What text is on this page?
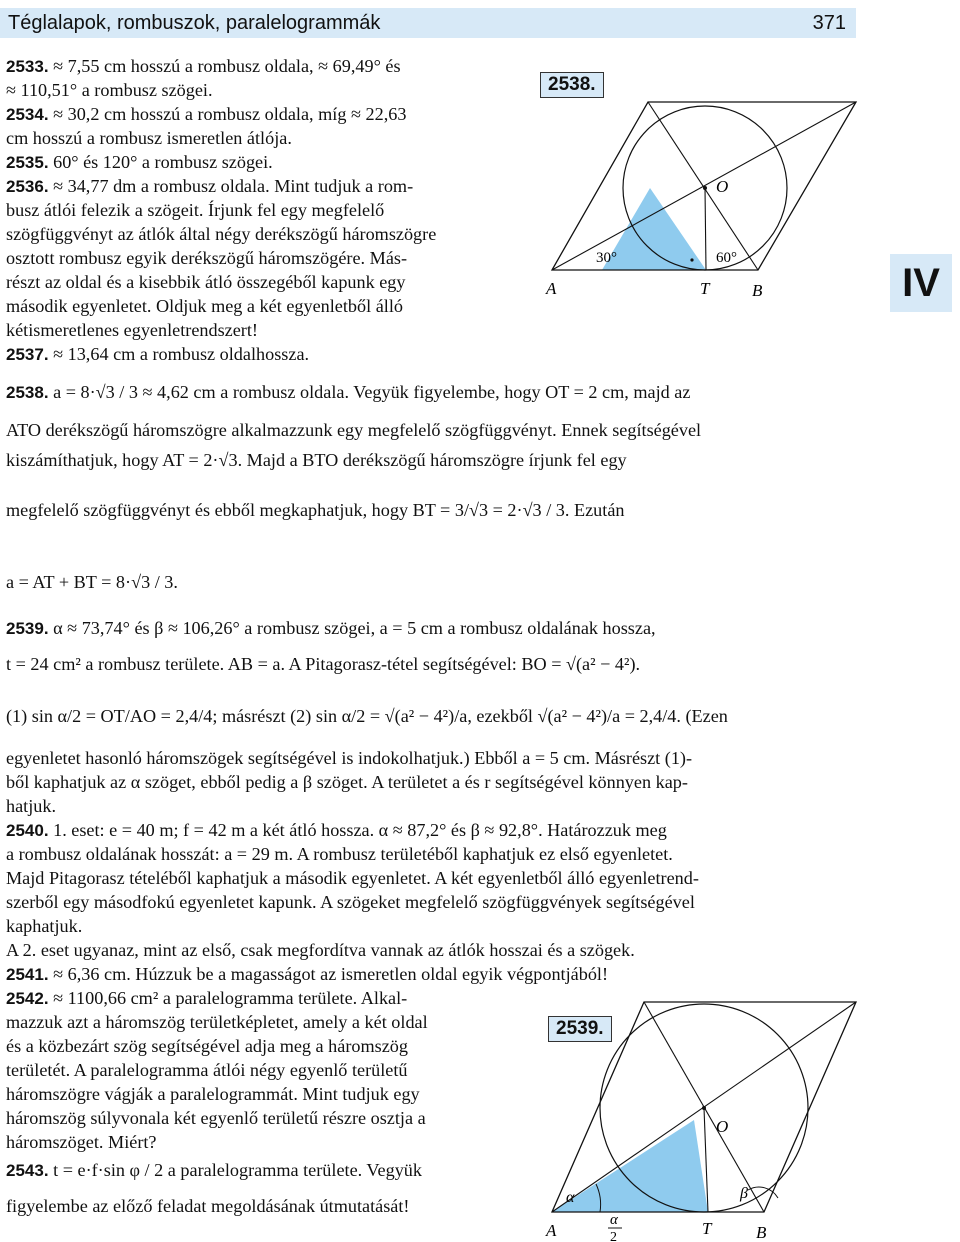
Téglalapok, rombuszok, paralelogrammák	371
IV
2533. ≈ 7,55 cm hosszú a rombusz oldala, ≈ 69,49° és
≈ 110,51° a rombusz szögei.
2534. ≈ 30,2 cm hosszú a rombusz oldala, míg ≈ 22,63
cm hosszú a rombusz ismeretlen átlója.
2535. 60° és 120° a rombusz szögei.
2536. ≈ 34,77 dm a rombusz oldala. Mint tudjuk a rom-
busz átlói felezik a szögeit. Írjunk fel egy megfelelő
szögfüggvényt az átlók által négy derékszögű háromszögre
osztott rombusz egyik derékszögű háromszögére. Más-
részt az oldal és a kisebbik átló összegéből kapunk egy
második egyenletet. Oldjuk meg a két egyenletből álló
kétismeretlenes egyenletrendszert!
2537. ≈ 13,64 cm a rombusz oldalhossza.
2538. a = 8·√3 / 3 ≈ 4,62 cm a rombusz oldala. Vegyük figyelembe, hogy OT = 2 cm, majd az
ATO derékszögű háromszögre alkalmazzunk egy megfelelő szögfüggvényt. Ennek segítségével
kiszámíthatjuk, hogy AT = 2·√3. Majd a BTO derékszögű háromszögre írjunk fel egy
megfelelő szögfüggvényt és ebből megkaphatjuk, hogy BT = 3/√3 = 2·√3 / 3. Ezután
a = AT + BT = 8·√3 / 3.
2539. α ≈ 73,74° és β ≈ 106,26° a rombusz szögei, a = 5 cm a rombusz oldalának hossza,
t = 24 cm² a rombusz területe. AB = a. A Pitagorasz-tétel segítségével: BO = √(a² − 4²).
(1) sin α/2 = OT/AO = 2,4/4; másrészt (2) sin α/2 = √(a² − 4²)/a, ezekből √(a² − 4²)/a = 2,4/4. (Ezen
egyenletet hasonló háromszögek segítségével is indokolhatjuk.) Ebből a = 5 cm. Másrészt (1)-
ből kaphatjuk az α szöget, ebből pedig a β szöget. A területet a és r segítségével könnyen kap-
hatjuk.
2540. 1. eset: e = 40 m; f = 42 m a két átló hossza. α ≈ 87,2° és β ≈ 92,8°. Határozzuk meg
a rombusz oldalának hosszát: a = 29 m. A rombusz területéből kaphatjuk ez első egyenletet.
Majd Pitagorasz tételéből kaphatjuk a második egyenletet. A két egyenletből álló egyenletrend-
szerből egy másodfokú egyenletet kapunk. A szögeket megfelelő szögfüggvények segítségével
kaphatjuk.
A 2. eset ugyanaz, mint az első, csak megfordítva vannak az átlók hosszai és a szögek.
2541. ≈ 6,36 cm. Húzzuk be a magasságot az ismeretlen oldal egyik végpontjából!
2542. ≈ 1100,66 cm² a paralelogramma területe. Alkal-
mazzuk azt a háromszög területképletet, amely a két oldal
és a közbezárt szög segítségével adja meg a háromszög
területét. A paralelogramma átlói négy egyenlő területű
háromszögre vágják a paralelogrammát. Mint tudjuk egy
háromszög súlyvonala két egyenlő területű részre osztja a
háromszöget. Miért?
2543. t = e·f·sin φ / 2 a paralelogramma területe. Vegyük
figyelembe az előző feladat megoldásának útmutatását!
2538.
O
30°	60°
A	T	B
2539.
O
α	β
A
α
2	T	B
